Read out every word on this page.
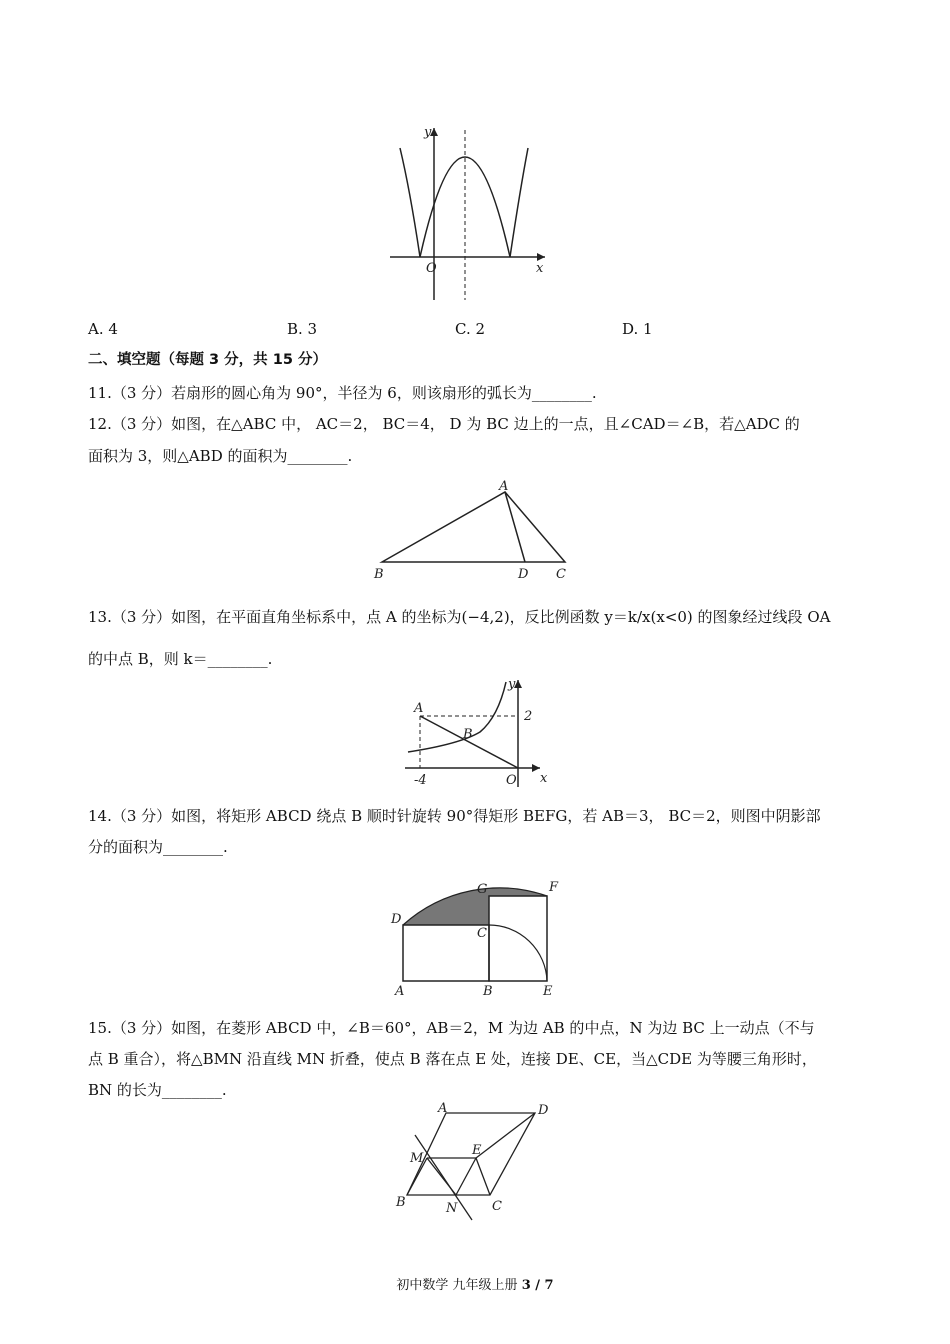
y
x
O
A. 4	B. 3	C. 2	D. 1
二、填空题（每题 3 分，共 15 分）
11.（3 分）若扇形的圆心角为 90°，半径为 6，则该扇形的弧长为________.
12.（3 分）如图，在△ABC 中， AC＝2， BC＝4， D 为 BC 边上的一点，且∠CAD＝∠B，若△ADC 的
面积为 3，则△ABD 的面积为________.
A
B	D C
13.（3 分）如图，在平面直角坐标系中，点 A 的坐标为(−4,2)，反比例函数 y＝k/x(x<0) 的图象经过线段 OA
的中点 B，则 k＝________.
A
B
y
x
O
2
-4
14.（3 分）如图，将矩形 ABCD 绕点 B 顺时针旋转 90°得矩形 BEFG，若 AB＝3， BC＝2，则图中阴影部
分的面积为________.
D
G	F
C
A	B	E
15.（3 分）如图，在菱形 ABCD 中，∠B＝60°，AB＝2，M 为边 AB 的中点，N 为边 BC 上一动点（不与
点 B 重合），将△BMN 沿直线 MN 折叠，使点 B 落在点 E 处，连接 DE、CE，当△CDE 为等腰三角形时，
BN 的长为________.
A	D
M
E
B	N	C
初中数学 九年级上册 3 / 7
